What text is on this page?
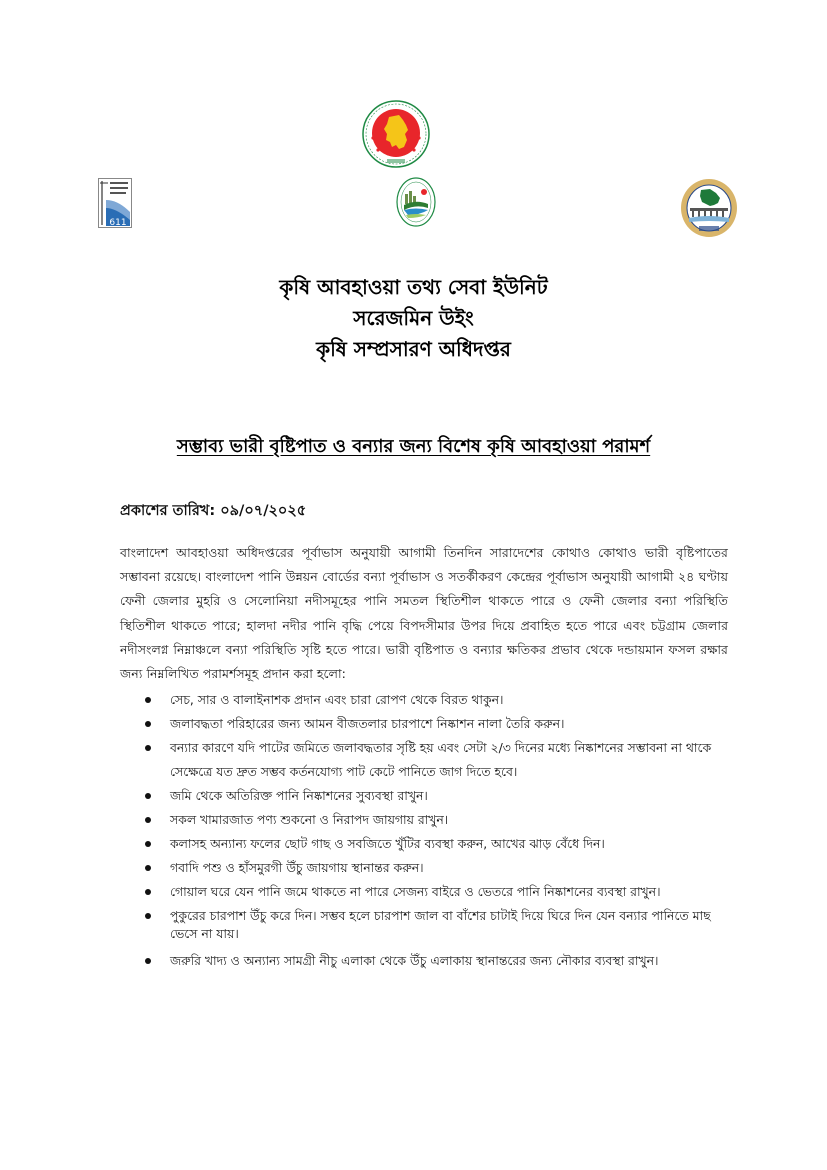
611
কৃষি আবহাওয়া তথ্য সেবা ইউনিট
সরেজমিন উইং
কৃষি সম্প্রসারণ অধিদপ্তর
সম্ভাব্য ভারী বৃষ্টিপাত ও বন্যার জন্য বিশেষ কৃষি আবহাওয়া পরামর্শ
প্রকাশের তারিখ: ০৯/০৭/২০২৫
বাংলাদেশ আবহাওয়া অধিদপ্তরের পূর্বাভাস অনুযায়ী আগামী তিনদিন সারাদেশের কোথাও কোথাও ভারী বৃষ্টিপাতের সম্ভাবনা রয়েছে। বাংলাদেশ পানি উন্নয়ন বোর্ডের বন্যা পূর্বাভাস ও সতর্কীকরণ কেন্দ্রের পূর্বাভাস অনুযায়ী আগামী ২৪ ঘণ্টায় ফেনী জেলার মুহরি ও সেলোনিয়া নদীসমূহের পানি সমতল স্থিতিশীল থাকতে পারে ও ফেনী জেলার বন্যা পরিস্থিতি স্থিতিশীল থাকতে পারে; হালদা নদীর পানি বৃদ্ধি পেয়ে বিপদসীমার উপর দিয়ে প্রবাহিত হতে পারে এবং চট্টগ্রাম জেলার নদীসংলগ্ন নিম্নাঞ্চলে বন্যা পরিস্থিতি সৃষ্টি হতে পারে। ভারী বৃষ্টিপাত ও বন্যার ক্ষতিকর প্রভাব থেকে দন্ডায়মান ফসল রক্ষার জন্য নিম্নলিখিত পরামর্শসমূহ প্রদান করা হলো:
সেচ, সার ও বালাইনাশক প্রদান এবং চারা রোপণ থেকে বিরত থাকুন।
জলাবদ্ধতা পরিহারের জন্য আমন বীজতলার চারপাশে নিষ্কাশন নালা তৈরি করুন।
বন্যার কারণে যদি পাটের জমিতে জলাবদ্ধতার সৃষ্টি হয় এবং সেটা ২/৩ দিনের মধ্যে নিষ্কাশনের সম্ভাবনা না থাকে সেক্ষেত্রে যত দ্রুত সম্ভব কর্তনযোগ্য পাট কেটে পানিতে জাগ দিতে হবে।
জমি থেকে অতিরিক্ত পানি নিষ্কাশনের সুব্যবস্থা রাখুন।
সকল খামারজাত পণ্য শুকনো ও নিরাপদ জায়গায় রাখুন।
কলাসহ অন্যান্য ফলের ছোট গাছ ও সবজিতে খুঁটির ব্যবস্থা করুন, আখের ঝাড় বেঁধে দিন।
গবাদি পশু ও হাঁসমুরগী উঁচু জায়গায় স্থানান্তর করুন।
গোয়াল ঘরে যেন পানি জমে থাকতে না পারে সেজন্য বাইরে ও ভেতরে পানি নিষ্কাশনের ব্যবস্থা রাখুন।
পুকুরের চারপাশ উঁচু করে দিন। সম্ভব হলে চারপাশ জাল বা বাঁশের চাটাই দিয়ে ঘিরে দিন যেন বন্যার পানিতে মাছ ভেসে না যায়।
জরুরি খাদ্য ও অন্যান্য সামগ্রী নীচু এলাকা থেকে উঁচু এলাকায় স্থানান্তরের জন্য নৌকার ব্যবস্থা রাখুন।
